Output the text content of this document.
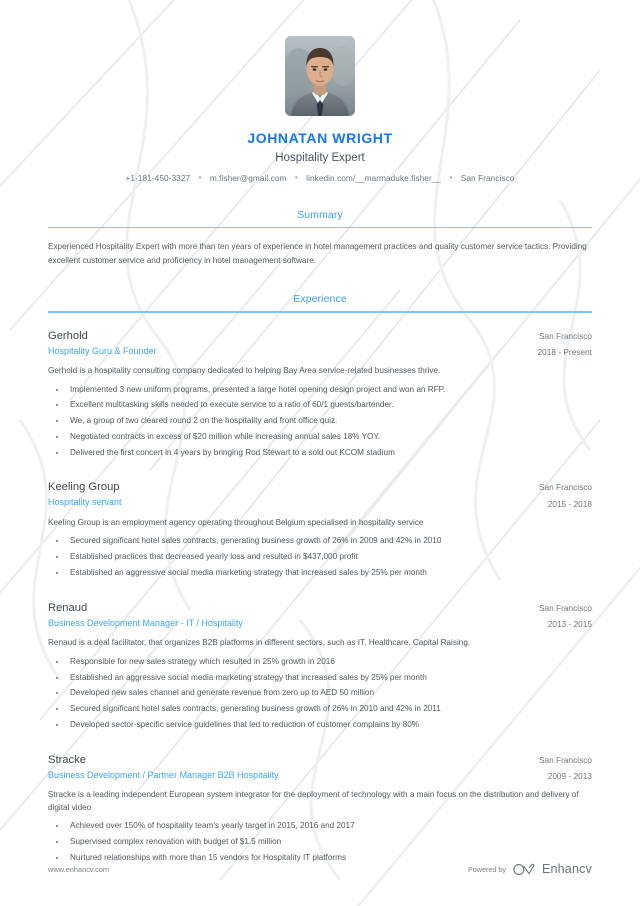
JOHNATAN WRIGHT
Hospitality Expert
+1-181-450-3327 • m.fisher@gmail.com • linkedin.com/__marmaduke.fisher__ • San Francisco
Summary
Experienced Hospitality Expert with more than ten years of experience in hotel management practices and quality customer service tactics. Providing excellent customer service and proficiency in hotel management software.
Experience
Gerhold
Hospitality Guru & Founder
San Francisco
2018 - Present
Gerhold is a hospitality consulting company dedicated to helping Bay Area service-related businesses thrive.
Implemented 3 new uniform programs, presented a large hotel opening design project and won an RFP.
Excellent multitasking skills needed to execute service to a ratio of 60/1 guests/bartender.
We, a group of two cleared round 2 on the hospitality and front office quiz.
Negotiated contracts in excess of $20 million while increasing annual sales 18% YOY.
Delivered the first concert in 4 years by bringing Rod Stewart to a sold out KCOM stadium
Keeling Group
Hospitality servant
San Francisco
2015 - 2018
Keeling Group is an employment agency operating throughout Belgium specialised in hospitality service
Secured significant hotel sales contracts, generating business growth of 26% in 2009 and 42% in 2010
Established practices that decreased yearly loss and resulted in $437,000 profit
Established an aggressive social media marketing strategy that increased sales by 25% per month
Renaud
Business Development Manager - IT / Hospitality
San Francisco
2013 - 2015
Renaud is a deal facilitator, that organizes B2B platforms in different sectors, such as IT, Healthcare, Capital Raising.
Responsible for new sales strategy which resulted in 25% growth in 2016
Established an aggressive social media marketing strategy that increased sales by 25% per month
Developed new sales channel and generate revenue from zero up to AED 50 million
Secured significant hotel sales contracts, generating business growth of 26% in 2010 and 42% in 2011
Developed sector-specific service guidelines that led to reduction of customer complains by 80%
Stracke
Business Development / Partner Manager B2B Hospitality
San Francisco
2009 - 2013
Stracke is a leading independent European system integrator for the deployment of technology with a main focus on the distribution and delivery of digital video
Achieved over 150% of hospitality team's yearly target in 2015, 2016 and 2017
Supervised complex renovation with budget of $1.5 million
Nurtured relationships with more than 15 vendors for Hospitality IT platforms
www.enhancv.com	Powered by	Enhancv
